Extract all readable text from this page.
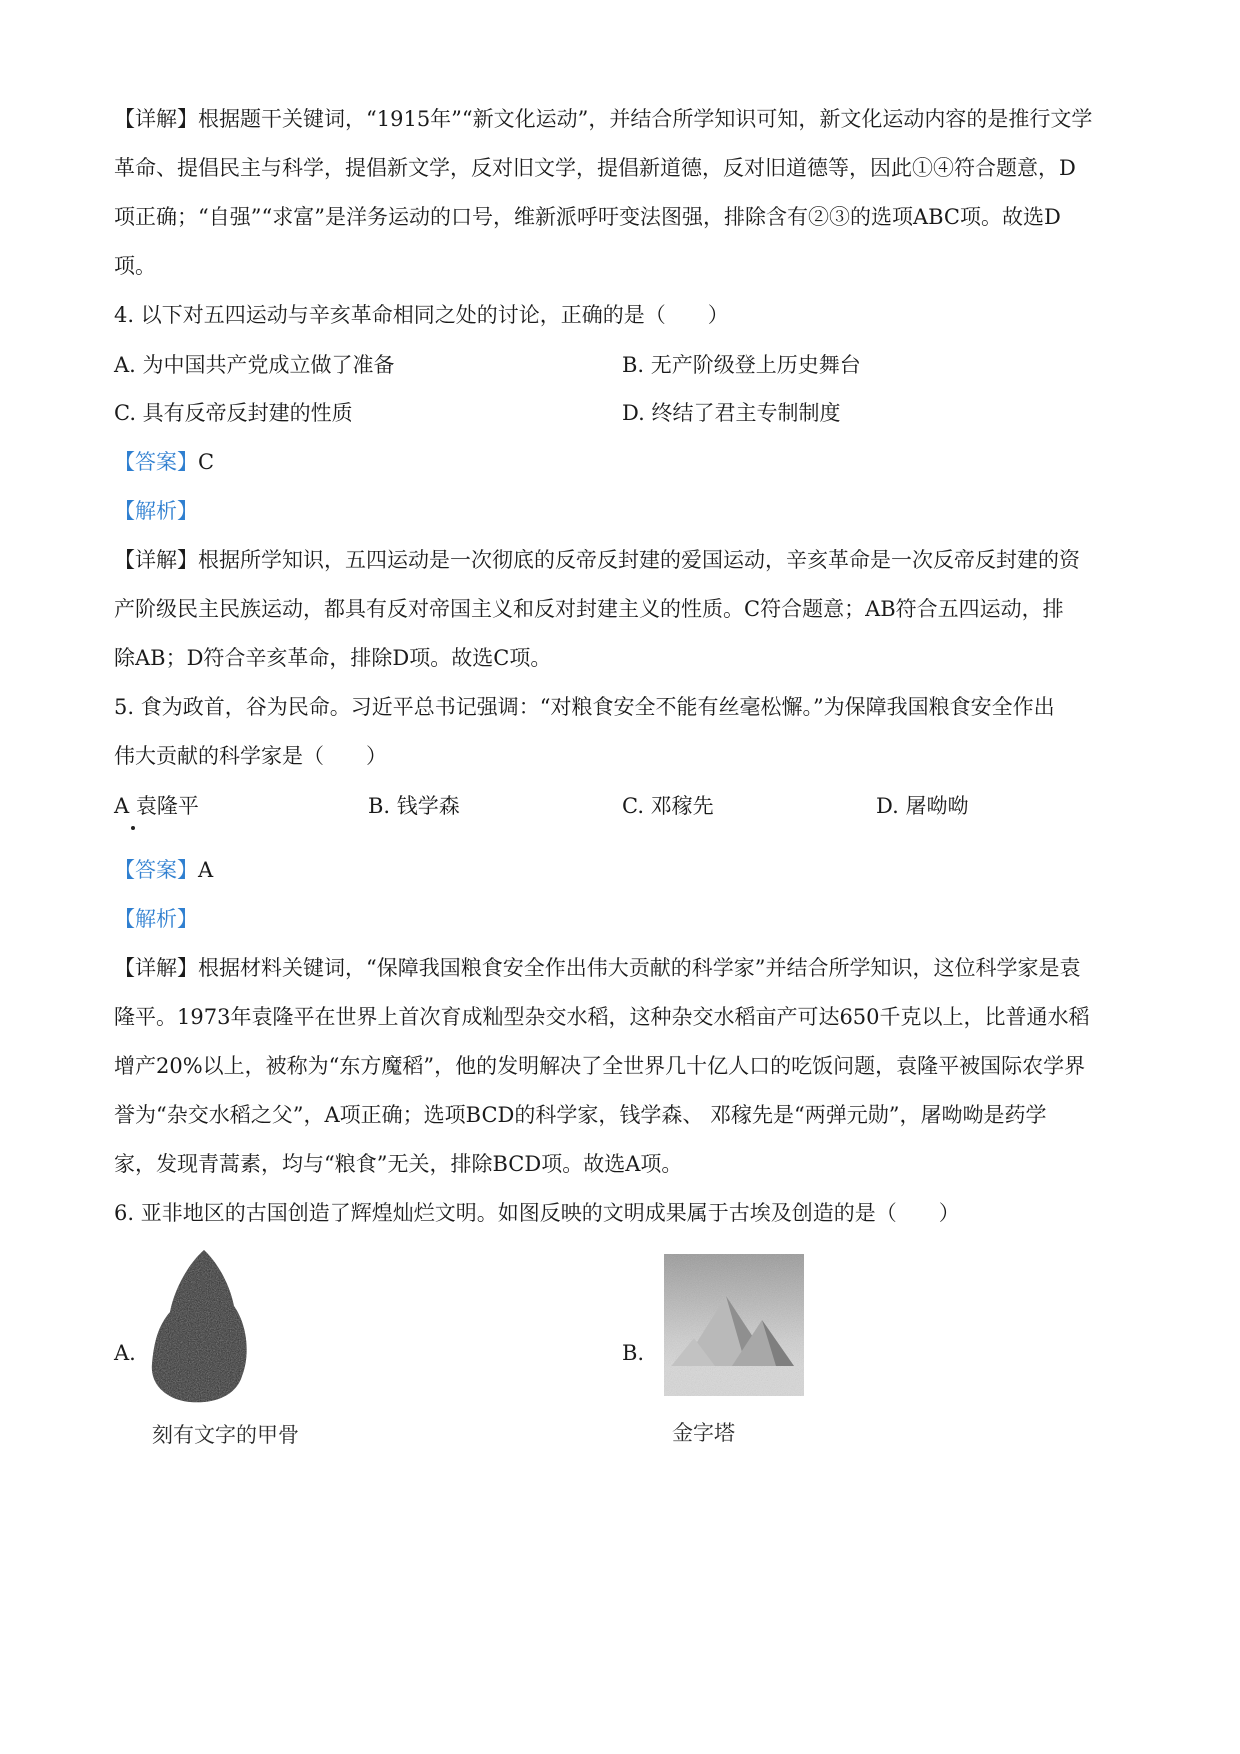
【详解】根据题干关键词，“1915年”“新文化运动”，并结合所学知识可知，新文化运动内容的是推行文学
革命、提倡民主与科学，提倡新文学，反对旧文学，提倡新道德，反对旧道德等，因此①④符合题意，D
项正确；“自强”“求富”是洋务运动的口号，维新派呼吁变法图强，排除含有②③的选项ABC项。故选D
项。
4. 以下对五四运动与辛亥革命相同之处的讨论，正确的是（　　）
A. 为中国共产党成立做了准备	B. 无产阶级登上历史舞台
C. 具有反帝反封建的性质	D. 终结了君主专制制度
【答案】C
【解析】
【详解】根据所学知识，五四运动是一次彻底的反帝反封建的爱国运动，辛亥革命是一次反帝反封建的资
产阶级民主民族运动，都具有反对帝国主义和反对封建主义的性质。C符合题意；AB符合五四运动，排
除AB；D符合辛亥革命，排除D项。故选C项。
5. 食为政首，谷为民命。习近平总书记强调：“对粮食安全不能有丝毫松懈。”为保障我国粮食安全作出
伟大贡献的科学家是（　　）
A 袁隆平	B. 钱学森	C. 邓稼先	D. 屠呦呦
【答案】A
【解析】
【详解】根据材料关键词，“保障我国粮食安全作出伟大贡献的科学家”并结合所学知识，这位科学家是袁
隆平。1973年袁隆平在世界上首次育成籼型杂交水稻，这种杂交水稻亩产可达650千克以上，比普通水稻
增产20%以上，被称为“东方魔稻”，他的发明解决了全世界几十亿人口的吃饭问题，袁隆平被国际农学界
誉为“杂交水稻之父”，A项正确；选项BCD的科学家，钱学森、 邓稼先是“两弹元勋”，屠呦呦是药学
家，发现青蒿素，均与“粮食”无关，排除BCD项。故选A项。
6. 亚非地区的古国创造了辉煌灿烂文明。如图反映的文明成果属于古埃及创造的是（　　）
A.
刻有文字的甲骨
B.
金字塔
